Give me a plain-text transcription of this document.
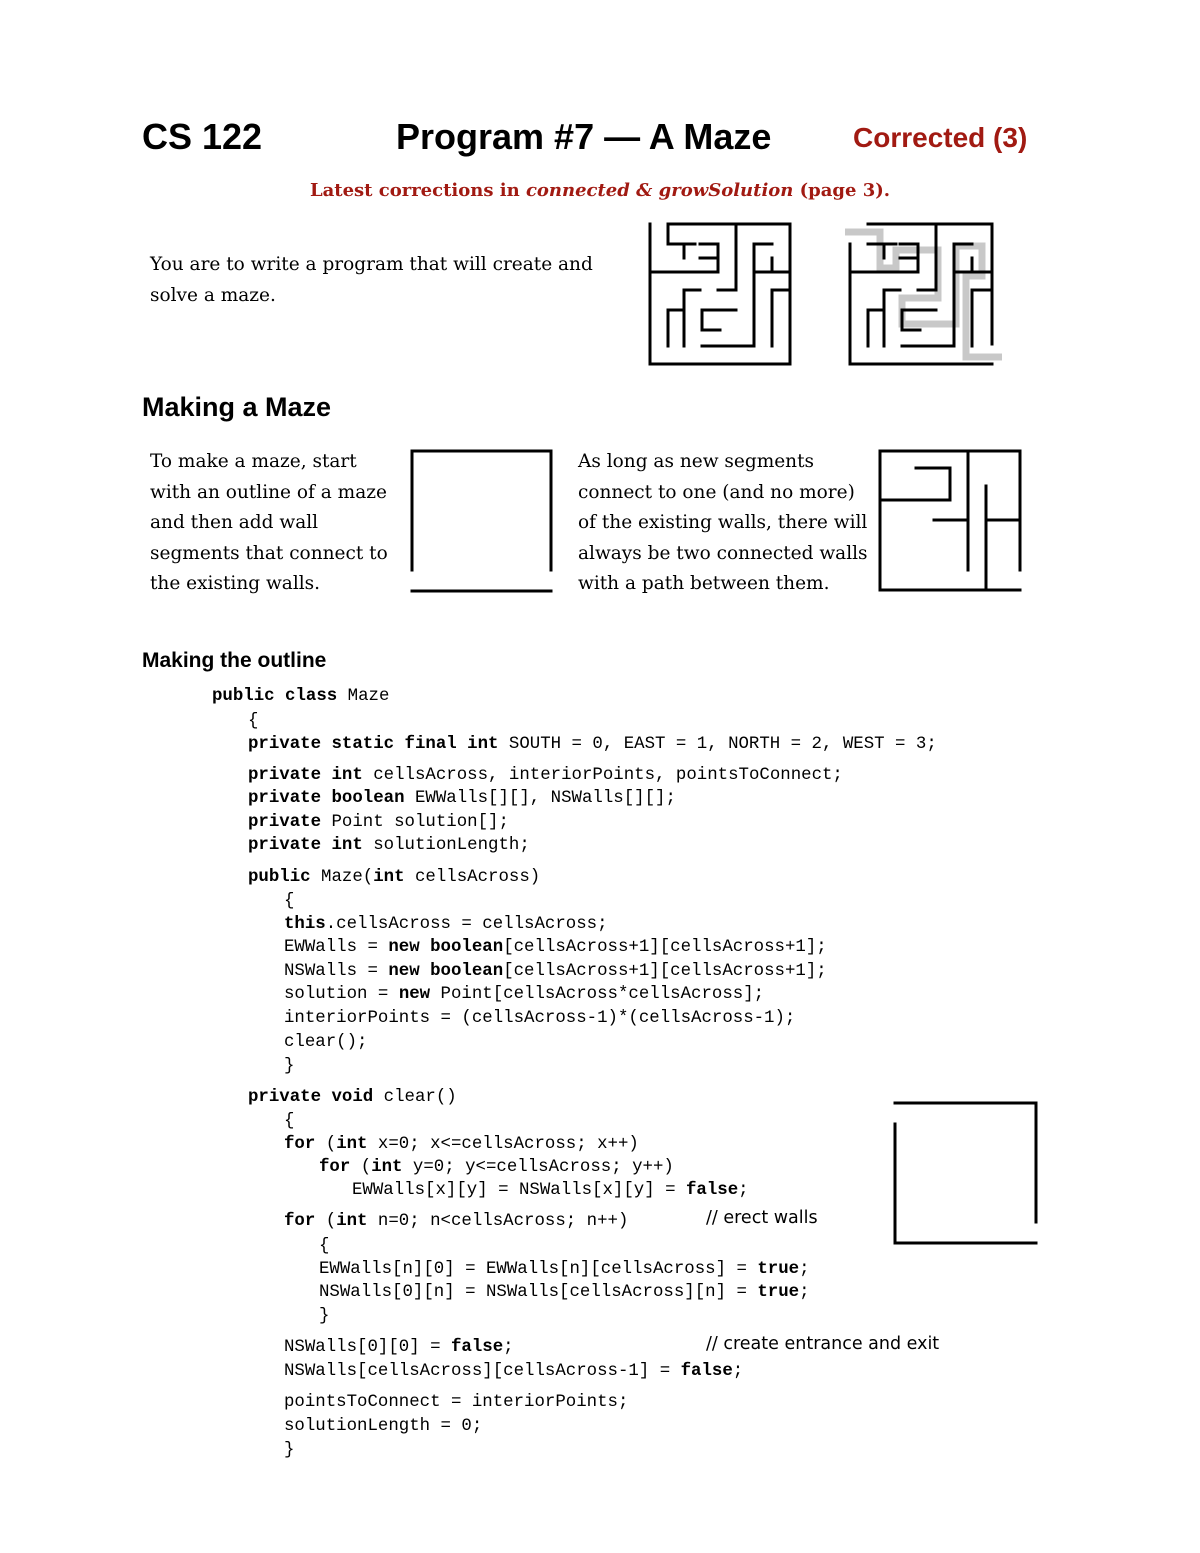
CS 122	Program #7 — A Maze	Corrected (3)
Latest corrections in connected & growSolution (page 3).
You are to write a program that will create and solve a maze.
Making a Maze
To make a maze, start with an outline of a maze and then add wall segments that connect to the existing walls.
As long as new segments connect to one (and no more) of the existing walls, there will always be two connected walls with a path between them.
Making the outline
public class Maze
{
private static final int SOUTH = 0, EAST = 1, NORTH = 2, WEST = 3;
private int cellsAcross, interiorPoints, pointsToConnect;
private boolean EWWalls[][], NSWalls[][];
private Point solution[];
private int solutionLength;
public Maze(int cellsAcross)
{
this.cellsAcross = cellsAcross;
EWWalls = new boolean[cellsAcross+1][cellsAcross+1];
NSWalls = new boolean[cellsAcross+1][cellsAcross+1];
solution = new Point[cellsAcross*cellsAcross];
interiorPoints = (cellsAcross-1)*(cellsAcross-1);
clear();
}
private void clear()
{
for (int x=0; x<=cellsAcross; x++)
for (int y=0; y<=cellsAcross; y++)
EWWalls[x][y] = NSWalls[x][y] = false;
for (int n=0; n<cellsAcross; n++)	// erect walls
{
EWWalls[n][0] = EWWalls[n][cellsAcross] = true;
NSWalls[0][n] = NSWalls[cellsAcross][n] = true;
}
NSWalls[0][0] = false;	// create entrance and exit
NSWalls[cellsAcross][cellsAcross-1] = false;
pointsToConnect = interiorPoints;
solutionLength = 0;
}
